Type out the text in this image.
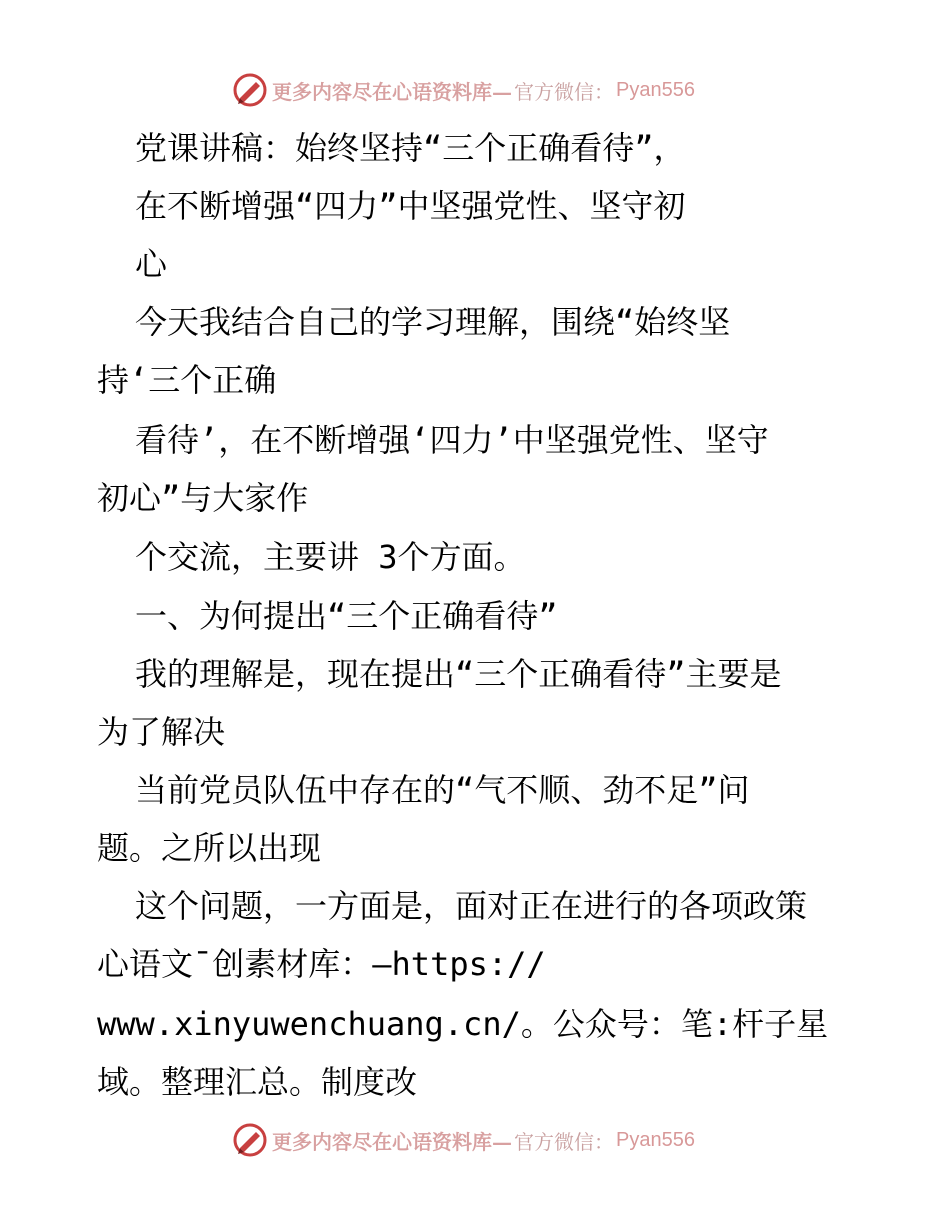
更多内容尽在心语资料库— 官方微信： Pyan556
党课讲稿：始终坚持“三个正确看待”，
在不断增强“四力”中坚强党性、坚守初
心
今天我结合自己的学习理解，围绕“始终坚
持‘三个正确
看待’，在不断增强‘四力’中坚强党性、坚守
初心”与大家作
个交流，主要讲 3个方面。
一、为何提出“三个正确看待”
我的理解是，现在提出“三个正确看待”主要是
为了解决
当前党员队伍中存在的“气不顺、劲不足”问
题。之所以出现
这个问题，一方面是，面对正在进行的各项政策
心语文¯创素材库：—https://
www.xinyuwenchuang.cn/。公众号：笔:杆子星
域。整理汇总。制度改
更多内容尽在心语资料库— 官方微信： Pyan556
